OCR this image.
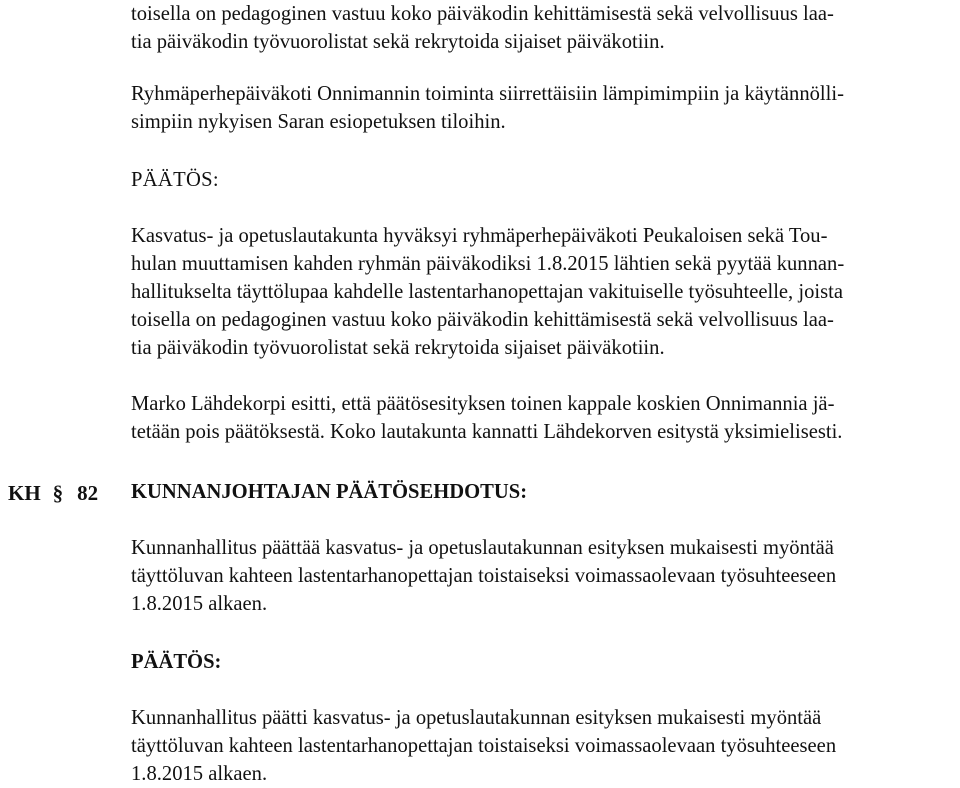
toisella on pedagoginen vastuu koko päiväkodin kehittämisestä sekä velvollisuus laa-
tia päiväkodin työvuorolistat sekä rekrytoida sijaiset päiväkotiin.

Ryhmäperhepäiväkoti Onnimannin toiminta siirrettäisiin lämpimimpiin ja käytännölli-
simpiin nykyisen Saran esiopetuksen tiloihin.

PÄÄTÖS:

Kasvatus- ja opetuslautakunta hyväksyi ryhmäperhepäiväkoti Peukaloisen sekä Tou-
hulan muuttamisen kahden ryhmän päiväkodiksi 1.8.2015 lähtien sekä pyytää kunnan-
hallitukselta täyttölupaa kahdelle lastentarhanopettajan vakituiselle työsuhteelle, joista
toisella on pedagoginen vastuu koko päiväkodin kehittämisestä sekä velvollisuus laa-
tia päiväkodin työvuorolistat sekä rekrytoida sijaiset päiväkotiin.

Marko Lähdekorpi esitti, että päätösesityksen toinen kappale koskien Onnimannia jä-
tetään pois päätöksestä. Koko lautakunta kannatti Lähdekorven esitystä yksimielisesti.

KH § 82 KUNNANJOHTAJAN PÄÄTÖSEHDOTUS:

Kunnanhallitus päättää kasvatus- ja opetuslautakunnan esityksen mukaisesti myöntää
täyttöluvan kahteen lastentarhanopettajan toistaiseksi voimassaolevaan työsuhteeseen
1.8.2015 alkaen.

PÄÄTÖS:

Kunnanhallitus päätti kasvatus- ja opetuslautakunnan esityksen mukaisesti myöntää
täyttöluvan kahteen lastentarhanopettajan toistaiseksi voimassaolevaan työsuhteeseen
1.8.2015 alkaen.
